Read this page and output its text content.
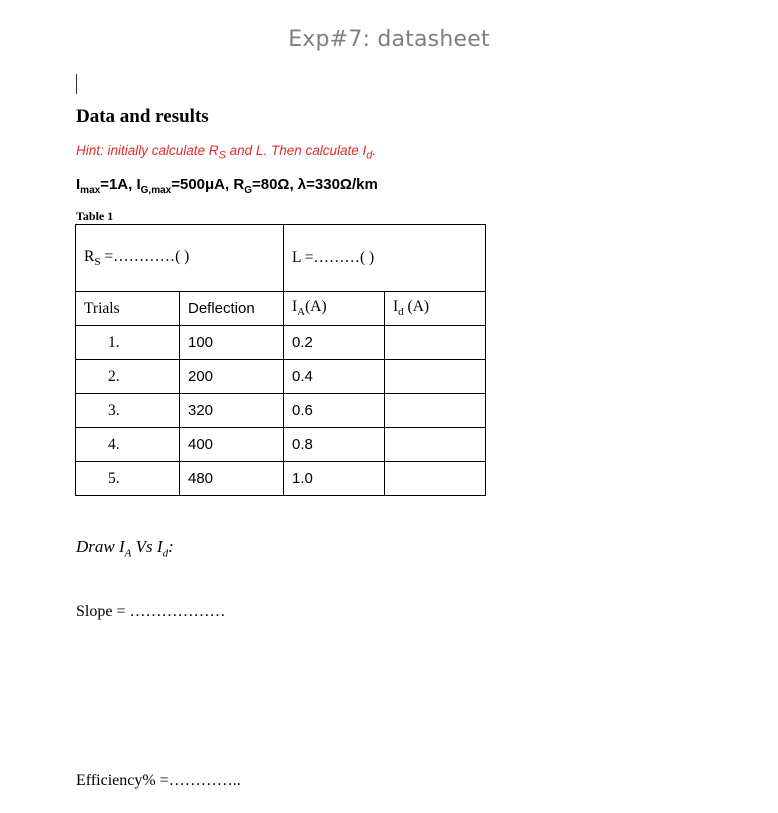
Exp#7: datasheet
Data and results
Hint: initially calculate $R_S$ and L. Then calculate $I_d$.
$I_{max}=1A$, $I_{G,max}=500\mu A$, $R_G=80\Omega$, λ=330Ω/km
Table 1
$R_S$ =…………( )		L =………( )	
Trials	Deflection	$I_A(A)$	$I_d$ (A)
1.	100	0.2	
2.	200	0.4	
3.	320	0.6	
4.	400	0.8	
5.	480	1.0	
Draw $I_A$ Vs $I_d$:
Slope = ………………
Efficiency% =…………..
